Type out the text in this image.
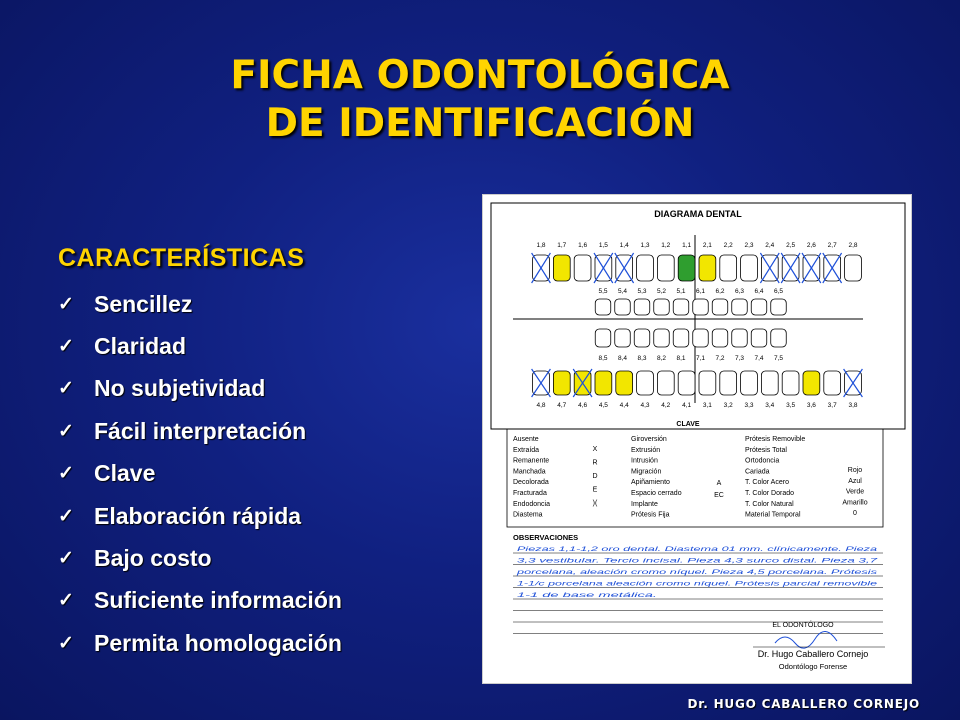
FICHA ODONTOLÓGICA
DE IDENTIFICACIÓN
CARACTERÍSTICAS
✓ Sencillez
✓ Claridad
✓ No subjetividad
✓ Fácil interpretación
✓ Clave
✓ Elaboración rápida
✓ Bajo costo
✓ Suficiente información
✓ Permita homologación
DIAGRAMA DENTAL
1,8 1,7 1,6 1,5 1,4 1,3 1,2 1,1 2,1 2,2 2,3 2,4 2,5 2,6 2,7 2,8
5,5 5,4 5,3 5,2 5,1 6,1 6,2 6,3 6,4 6,5
8,5 8,4 8,3 8,2 8,1 7,1 7,2 7,3 7,4 7,5
4,8 4,7 4,6 4,5 4,4 4,3 4,2 4,1 3,1 3,2 3,3 3,4 3,5 3,6 3,7 3,8
CLAVE
Ausente
Extraída
Remanente
Manchada
Decolorada
Fracturada
Endodoncia
Diastema
X
R
D
E
)(
Giroversión
Extrusión
Intrusión
Migración
Apiñamiento
Espacio cerrado
Implante
Prótesis Fija
A
EC
Prótesis Removible
Prótesis Total
Ortodoncia
Cariada
T. Color Acero
T. Color Dorado
T. Color Natural
Material Temporal
Rojo
Azul
Verde
Amarillo
0
OBSERVACIONES
Piezas 1,1-1,2 oro dental. Diastema 01 mm. clínicamente. Pieza
3,3 vestibular. Tercio incisal. Pieza 4,3 surco distal. Pieza 3,7
porcelana, aleación cromo níquel. Pieza 4,5 porcelana. Prótesis
1-1/c porcelana aleación cromo níquel. Prótesis parcial removible
1-1 de base metálica.
EL ODONTÓLOGO
Dr. Hugo Caballero Cornejo
Odontólogo Forense
Dr. HUGO CABALLERO CORNEJO
